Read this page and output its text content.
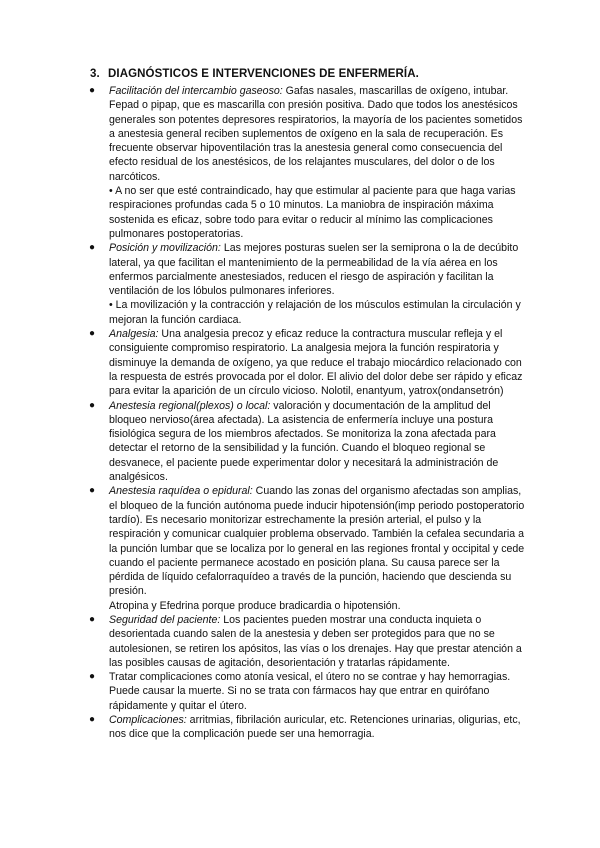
3. DIAGNÓSTICOS E INTERVENCIONES DE ENFERMERÍA.
●	Facilitación del intercambio gaseoso: Gafas nasales, mascarillas de oxígeno, intubar. Fepad o pipap, que es mascarilla con presión positiva. Dado que todos los anestésicos generales son potentes depresores respiratorios, la mayoría de los pacientes sometidos a anestesia general reciben suplementos de oxígeno en la sala de recuperación. Es frecuente observar hipoventilación tras la anestesia general como consecuencia del efecto residual de los anestésicos, de los relajantes musculares, del dolor o de los narcóticos.
• A no ser que esté contraindicado, hay que estimular al paciente para que haga varias respiraciones profundas cada 5 o 10 minutos. La maniobra de inspiración máxima sostenida es eficaz, sobre todo para evitar o reducir al mínimo las complicaciones pulmonares postoperatorias.
●	Posición y movilización: Las mejores posturas suelen ser la semiprona o la de decúbito lateral, ya que facilitan el mantenimiento de la permeabilidad de la vía aérea en los enfermos parcialmente anestesiados, reducen el riesgo de aspiración y facilitan la ventilación de los lóbulos pulmonares inferiores.
• La movilización y la contracción y relajación de los músculos estimulan la circulación y mejoran la función cardiaca.
●	Analgesia: Una analgesia precoz y eficaz reduce la contractura muscular refleja y el consiguiente compromiso respiratorio. La analgesia mejora la función respiratoria y disminuye la demanda de oxígeno, ya que reduce el trabajo miocárdico relacionado con la respuesta de estrés provocada por el dolor. El alivio del dolor debe ser rápido y eficaz para evitar la aparición de un círculo vicioso. Nolotil, enantyum, yatrox(ondansetrón)
●	Anestesia regional(plexos) o local: valoración y documentación de la amplitud del bloqueo nervioso(área afectada). La asistencia de enfermería incluye una postura fisiológica segura de los miembros afectados. Se monitoriza la zona afectada para detectar el retorno de la sensibilidad y la función. Cuando el bloqueo regional se desvanece, el paciente puede experimentar dolor y necesitará la administración de analgésicos.
●	Anestesia raquídea o epidural: Cuando las zonas del organismo afectadas son amplias, el bloqueo de la función autónoma puede inducir hipotensión(imp periodo postoperatorio tardío). Es necesario monitorizar estrechamente la presión arterial, el pulso y la respiración y comunicar cualquier problema observado. También la cefalea secundaria a la punción lumbar que se localiza por lo general en las regiones frontal y occipital y cede cuando el paciente permanece acostado en posición plana. Su causa parece ser la pérdida de líquido cefalorraquídeo a través de la punción, haciendo que descienda su presión.
Atropina y Efedrina porque produce bradicardia o hipotensión.
●	Seguridad del paciente: Los pacientes pueden mostrar una conducta inquieta o desorientada cuando salen de la anestesia y deben ser protegidos para que no se autolesionen, se retiren los apósitos, las vías o los drenajes. Hay que prestar atención a las posibles causas de agitación, desorientación y tratarlas rápidamente.
●	Tratar complicaciones como atonía vesical, el útero no se contrae y hay hemorragias. Puede causar la muerte. Si no se trata con fármacos hay que entrar en quirófano rápidamente y quitar el útero.
●	Complicaciones: arritmias, fibrilación auricular, etc. Retenciones urinarias, oligurias, etc, nos dice que la complicación puede ser una hemorragia.
